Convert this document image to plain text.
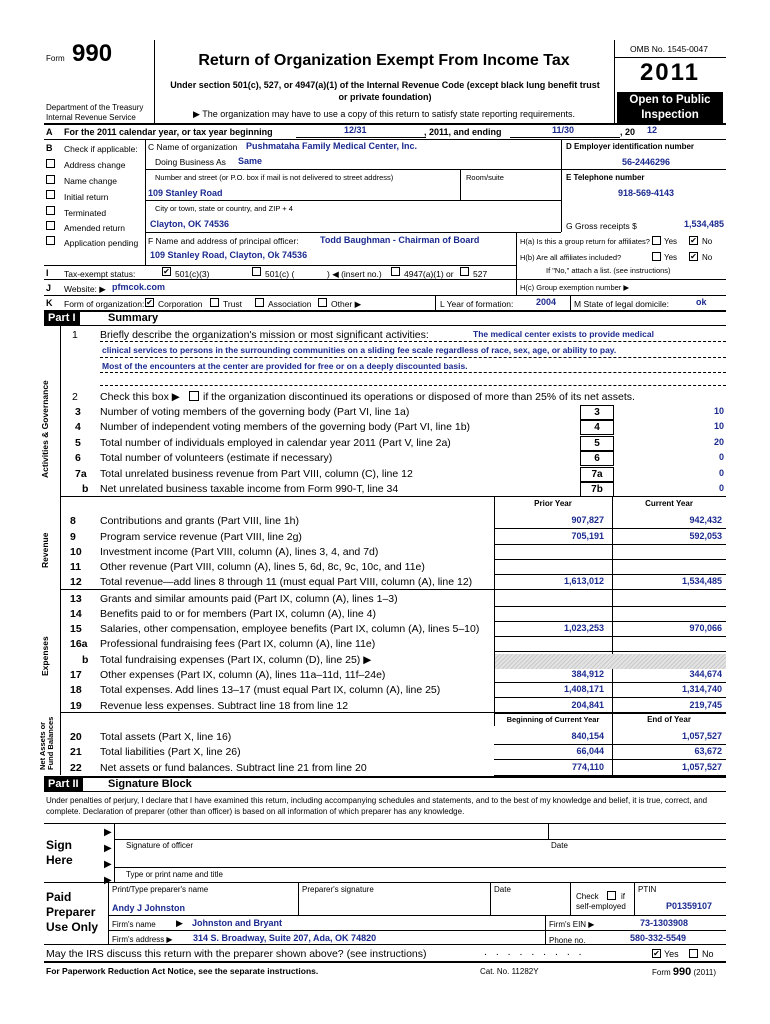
Form 990
Department of the Treasury
Internal Revenue Service
Return of Organization Exempt From Income Tax
Under section 501(c), 527, or 4947(a)(1) of the Internal Revenue Code (except black lung benefit trust or private foundation)
▶ The organization may have to use a copy of this return to satisfy state reporting requirements.
OMB No. 1545-0047
2011
Open to Public
Inspection
A For the 2011 calendar year, or tax year beginning	12/31	, 2011, and ending	11/30	, 20 12
B Check if applicable:
Address change
Name change
Initial return
Terminated
Amended return
Application pending
C Name of organization Pushmataha Family Medical Center, Inc.
Doing Business As Same
Number and street (or P.O. box if mail is not delivered to street address)	Room/suite
109 Stanley Road
City or town, state or country, and ZIP + 4
Clayton, OK 74536
D Employer identification number
56-2446296
E Telephone number
918-569-4143
G Gross receipts $	1,534,485
F Name and address of principal officer: Todd Baughman - Chairman of Board
109 Stanley Road, Clayton, Ok 74536
H(a) Is this a group return for affiliates? Yes ✔ No
H(b) Are all affiliates included?	Yes ✔ No
If "No," attach a list. (see instructions)
H(c) Group exemption number ▶
I Tax-exempt status:	✔ 501(c)(3)	501(c) (	) ◀ (insert no.)	4947(a)(1) or 527
J Website: ▶ pfmcok.com
K Form of organization: ✔ Corporation Trust	Association Other ▶	L Year of formation:	2004 M State of legal domicile:	ok
Part I	Summary
Activities & Governance
Revenue
Expenses
Net Assets or Fund Balances
1 Briefly describe the organization's mission or most significant activities:	The medical center exists to provide medical
clinical services to persons in the surrounding communities on a sliding fee scale regardless of race, sex, age, or ability to pay.
Most of the encounters at the center are provided for free or on a deeply discounted basis.
2 Check this box ▶ if the organization discontinued its operations or disposed of more than 25% of its net assets.
3 Number of voting members of the governing body (Part VI, line 1a)	3	10
4 Number of independent voting members of the governing body (Part VI, line 1b)	4	10
5 Total number of individuals employed in calendar year 2011 (Part V, line 2a)	5	20
6 Total number of volunteers (estimate if necessary)	6	0
7a Total unrelated business revenue from Part VIII, column (C), line 12	7a	0
b Net unrelated business taxable income from Form 990-T, line 34	7b	0
Prior Year	Current Year
8 Contributions and grants (Part VIII, line 1h)	907,827	942,432
9 Program service revenue (Part VIII, line 2g)	705,191	592,053
10 Investment income (Part VIII, column (A), lines 3, 4, and 7d)
11 Other revenue (Part VIII, column (A), lines 5, 6d, 8c, 9c, 10c, and 11e)
12 Total revenue—add lines 8 through 11 (must equal Part VIII, column (A), line 12)	1,613,012	1,534,485
13 Grants and similar amounts paid (Part IX, column (A), lines 1–3)
14 Benefits paid to or for members (Part IX, column (A), line 4)
15 Salaries, other compensation, employee benefits (Part IX, column (A), lines 5–10)	1,023,253	970,066
16a Professional fundraising fees (Part IX, column (A), line 11e)
b Total fundraising expenses (Part IX, column (D), line 25) ▶
17 Other expenses (Part IX, column (A), lines 11a–11d, 11f–24e)	384,912	344,674
18 Total expenses. Add lines 13–17 (must equal Part IX, column (A), line 25)	1,408,171	1,314,740
19 Revenue less expenses. Subtract line 18 from line 12	204,841	219,745
Beginning of Current Year	End of Year
20 Total assets (Part X, line 16)	840,154	1,057,527
21 Total liabilities (Part X, line 26)	66,044	63,672
22 Net assets or fund balances. Subtract line 21 from line 20	774,110	1,057,527
Part II	Signature Block
Under penalties of perjury, I declare that I have examined this return, including accompanying schedules and statements, and to the best of my knowledge and belief, it is true, correct, and complete. Declaration of preparer (other than officer) is based on all information of which preparer has any knowledge.
Sign
Here
▶
▶
▶
▶
Signature of officer	Date
Type or print name and title
Paid
Preparer
Use Only
Print/Type preparer's name	Preparer's signature	Date
Check	if
self-employed
PTIN
Andy J Johnston	P01359107
Firm's name ▶ Johnston and Bryant	Firm's EIN ▶	73-1303908
Firm's address ▶ 314 S. Broadway, Suite 207, Ada, OK 74820	Phone no.	580-332-5549
May the IRS discuss this return with the preparer shown above? (see instructions)	. . . . . . . . .	✔ Yes	No
For Paperwork Reduction Act Notice, see the separate instructions.	Cat. No. 11282Y	Form 990 (2011)
